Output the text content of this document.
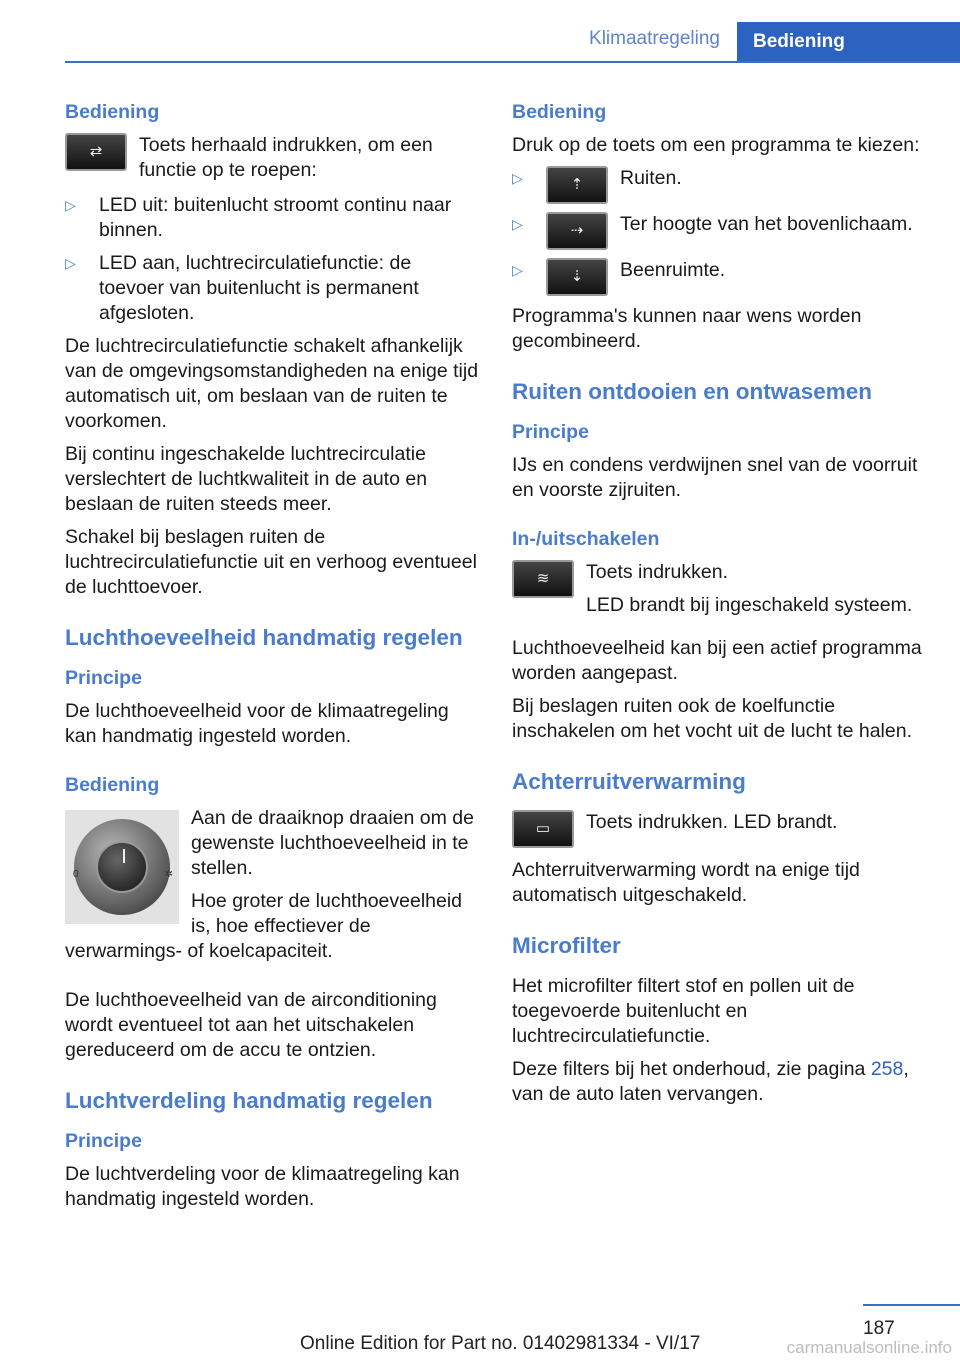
Klimaatregeling	Bediening
Bediening
⇄	Toets herhaald indrukken, om een functie op te roepen:
▷	LED uit: buitenlucht stroomt continu naar binnen.
▷	LED aan, luchtrecirculatiefunctie: de toevoer van buitenlucht is permanent afgesloten.

De luchtrecirculatiefunctie schakelt afhankelijk van de omgevingsomstandigheden na enige tijd automatisch uit, om beslaan van de ruiten te voorkomen.

Bij continu ingeschakelde luchtrecirculatie verslechtert de luchtkwaliteit in de auto en beslaan de ruiten steeds meer.

Schakel bij beslagen ruiten de luchtrecirculatiefunctie uit en verhoog eventueel de luchttoevoer.

Luchthoeveelheid handmatig regelen
Principe

De luchthoeveelheid voor de klimaatregeling kan handmatig ingesteld worden.

Bediening
0	✲

Aan de draaiknop draaien om de gewenste luchthoeveelheid in te stellen.

Hoe groter de luchthoeveelheid is, hoe effectiever de verwarmings- of koelcapaciteit.

De luchthoeveelheid van de airconditioning wordt eventueel tot aan het uitschakelen gereduceerd om de accu te ontzien.

Luchtverdeling handmatig regelen
Principe

De luchtverdeling voor de klimaatregeling kan handmatig ingesteld worden.

Bediening

Druk op de toets om een programma te kiezen:

▷	⇡	Ruiten.
▷	⇢	Ter hoogte van het bovenlichaam.
▷	⇣	Beenruimte.

Programma's kunnen naar wens worden gecombineerd.

Ruiten ontdooien en ontwasemen
Principe

IJs en condens verdwijnen snel van de voorruit en voorste zijruiten.

In-/uitschakelen
≋	Toets indrukken.

LED brandt bij ingeschakeld systeem.

Luchthoeveelheid kan bij een actief programma worden aangepast.

Bij beslagen ruiten ook de koelfunctie inschakelen om het vocht uit de lucht te halen.

Achterruitverwarming
▭	Toets indrukken. LED brandt.

Achterruitverwarming wordt na enige tijd automatisch uitgeschakeld.

Microfilter

Het microfilter filtert stof en pollen uit de toegevoerde buitenlucht en luchtrecirculatiefunctie.

Deze filters bij het onderhoud, zie pagina 258, van de auto laten vervangen.

187
Online Edition for Part no. 01402981334 - VI/17	carmanualsonline.info
